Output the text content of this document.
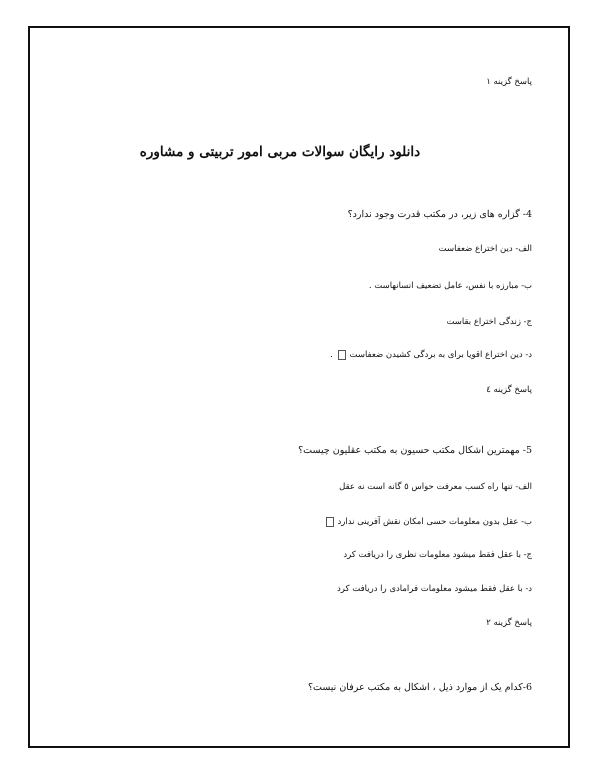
پاسخ گزینه ۱
دانلود رایگان سوالات مربی امور تربیتی و مشاوره
4- گزاره های زیر، در مکتب قدرت وجود ندارد؟
الف- دین اختراع ضعفاست
ب- مبارزه با نفس، عامل تضعیف انسانهاست .
ج- زندگی اختراع بقاست
د- دین اختراع اقویا برای به بردگی کشیدن ضعفاست .
پاسخ گزینه ٤
5- مهمترین اشکال مکتب حسیون به مکتب عقلیون چیست؟
الف- تنها راه کسب معرفت حواس ٥ گانه است نه عقل
ب- عقل بدون معلومات حسی امکان نقش آفرینی ندارد
ج- با عقل فقط میشود معلومات نظری را دریافت کرد
د- با عقل فقط میشود معلومات فرامادی را دریافت کرد
پاسخ گزینه ۲
6-کدام یک از موارد ذیل ، اشکال به مکتب عرفان نیست؟
